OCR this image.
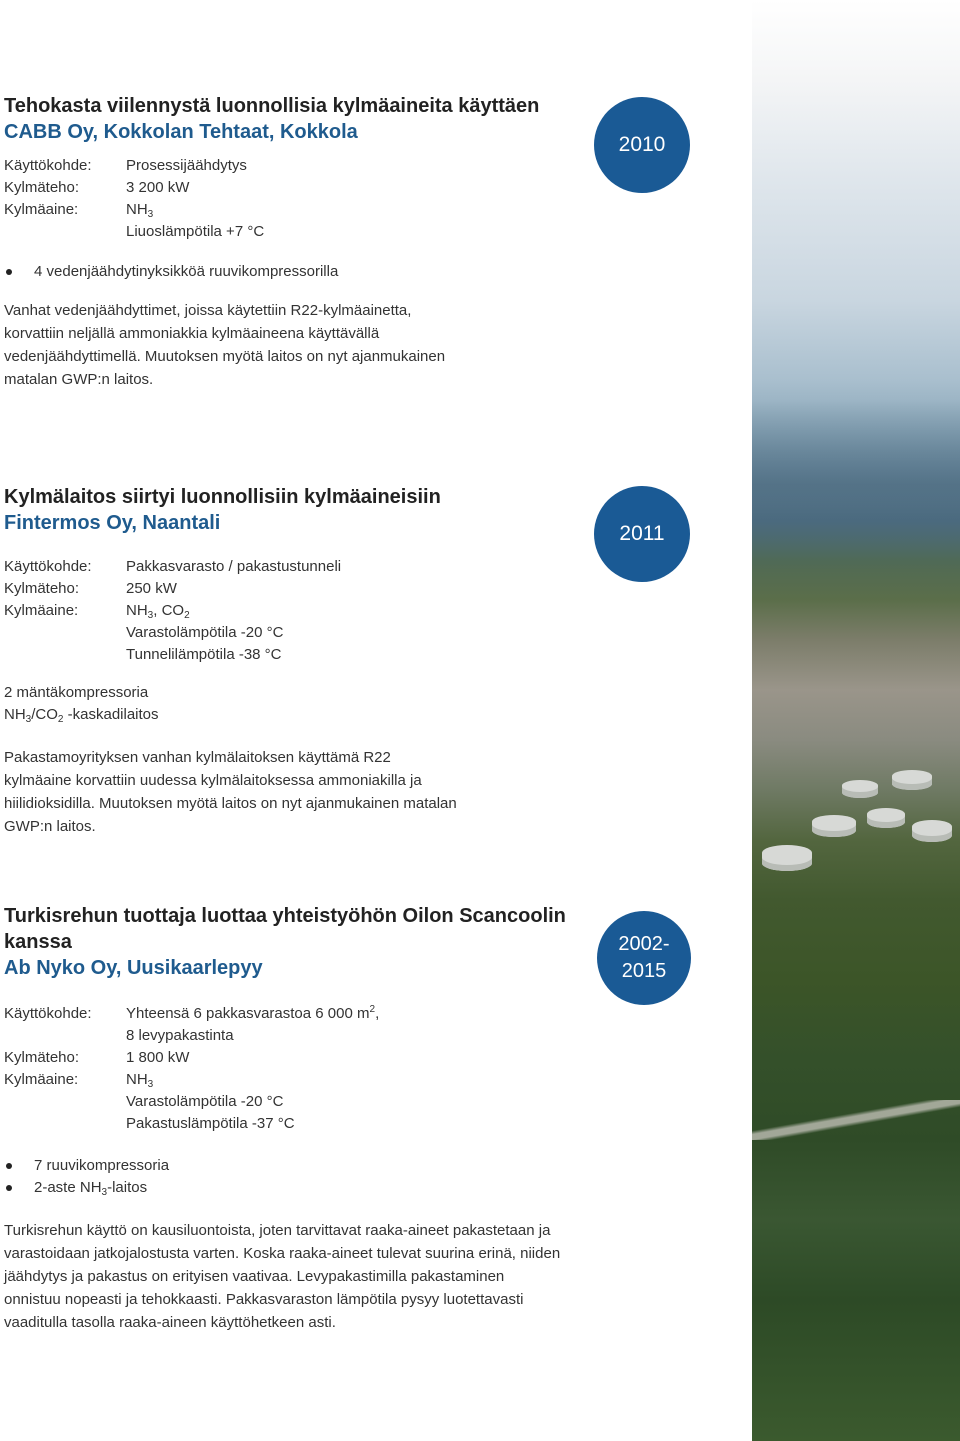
Tehokasta viilennystä luonnollisia kylmäaineita käyttäen
CABB Oy, Kokkolan Tehtaat, Kokkola
Käyttökohde:	Prosessijäähdytys
Kylmäteho:	3 200 kW
Kylmäaine:	$NH_3$
Liuoslämpötila +7 °C
4 vedenjäähdytinyksikköä ruuvikompressorilla

Vanhat vedenjäähdyttimet, joissa käytettiin R22-kylmäainetta, korvattiin neljällä ammoniakkia kylmäaineena käyttävällä vedenjäähdyttimellä. Muutoksen myötä laitos on nyt ajanmukainen matalan GWP:n laitos.

2010
Kylmälaitos siirtyi luonnollisiin kylmäaineisiin
Fintermos Oy, Naantali
Käyttökohde:	Pakkasvarasto / pakastustunneli
Kylmäteho:	250 kW
Kylmäaine:	$NH_3$, $CO_2$
Varastolämpötila -20 °C
Tunnelilämpötila -38 °C
2 mäntäkompressoria
$NH_3/CO_2$ -kaskadilaitos

Pakastamoyrityksen vanhan kylmälaitoksen käyttämä R22 kylmäaine korvattiin uudessa kylmälaitoksessa ammoniakilla ja hiilidioksidilla. Muutoksen myötä laitos on nyt ajanmukainen matalan GWP:n laitos.

2011
Turkisrehun tuottaja luottaa yhteistyöhön Oilon Scancoolin kanssa
Ab Nyko Oy, Uusikaarlepyy
Käyttökohde:	Yhteensä 6 pakkasvarastoa 6 000 $m^2$,
8 levypakastinta
Kylmäteho:	1 800 kW
Kylmäaine:	$NH_3$
Varastolämpötila -20 °C
Pakastuslämpötila -37 °C
7 ruuvikompressoria
2-aste $NH_3$-laitos

Turkisrehun käyttö on kausiluontoista, joten tarvittavat raaka-aineet pakastetaan ja varastoidaan jatkojalostusta varten. Koska raaka-aineet tulevat suurina erinä, niiden jäähdytys ja pakastus on erityisen vaativaa. Levypakastimilla pakastaminen onnistuu nopeasti ja tehokkaasti. Pakkasvaraston lämpötila pysyy luotettavasti vaaditulla tasolla raaka-aineen käyttöhetkeen asti.

2002-
2015
